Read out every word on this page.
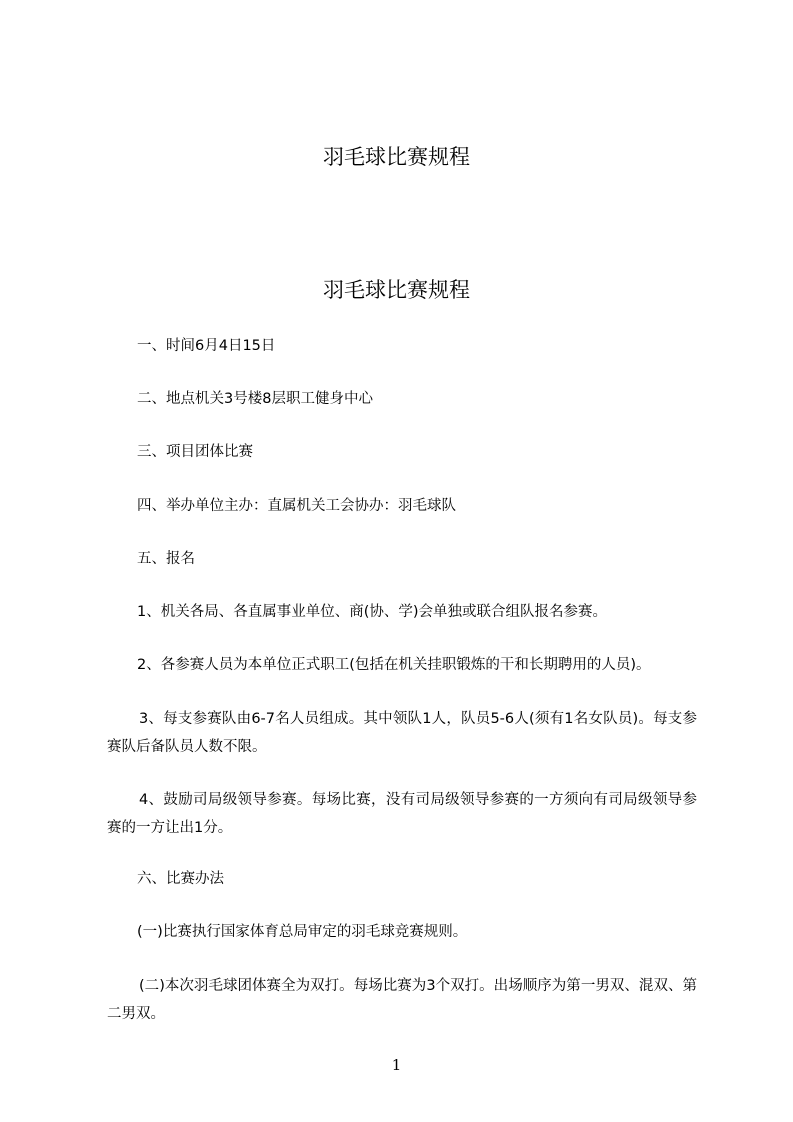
羽毛球比赛规程
羽毛球比赛规程

一、时间6月4日15日

二、地点机关3号楼8层职工健身中心

三、项目团体比赛

四、举办单位主办：直属机关工会协办：羽毛球队

五、报名

1、机关各局、各直属事业单位、商(协、学)会单独或联合组队报名参赛。

2、各参赛人员为本单位正式职工(包括在机关挂职锻炼的干和长期聘用的人员)。

3、每支参赛队由6-7名人员组成。其中领队1人，队员5-6人(须有1名女队员)。每支参赛队后备队员人数不限。

4、鼓励司局级领导参赛。每场比赛，没有司局级领导参赛的一方须向有司局级领导参赛的一方让出1分。

六、比赛办法

(一)比赛执行国家体育总局审定的羽毛球竞赛规则。

(二)本次羽毛球团体赛全为双打。每场比赛为3个双打。出场顺序为第一男双、混双、第二男双。

1
